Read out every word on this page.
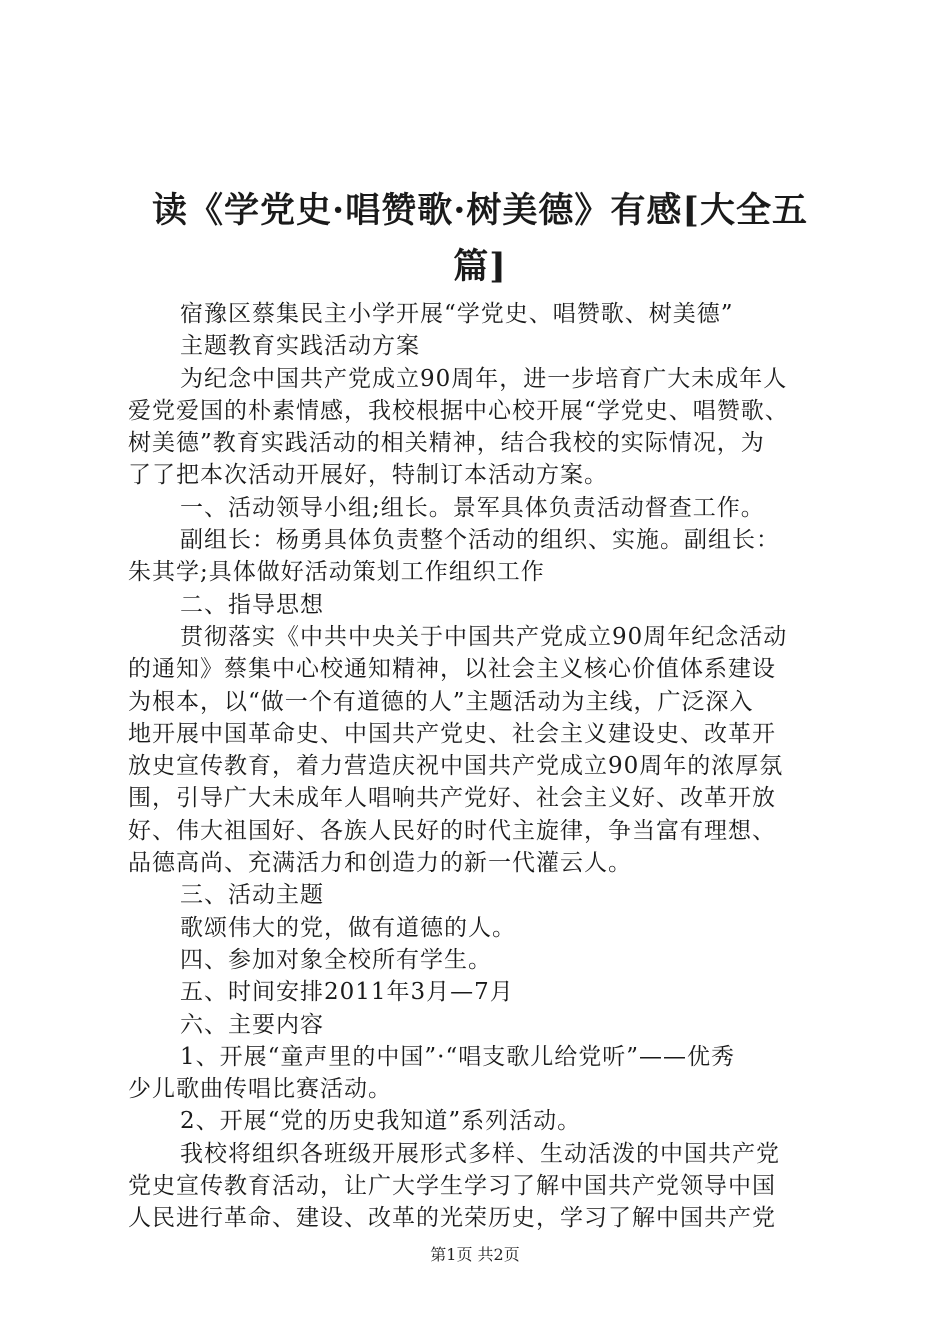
读《学党史·唱赞歌·树美德》有感[大全五
篇]
宿豫区蔡集民主小学开展“学党史、唱赞歌、树美德”
主题教育实践活动方案
为纪念中国共产党成立90周年，进一步培育广大未成年人
爱党爱国的朴素情感，我校根据中心校开展“学党史、唱赞歌、
树美德”教育实践活动的相关精神，结合我校的实际情况，为
了了把本次活动开展好，特制订本活动方案。
一、活动领导小组;组长。景军具体负责活动督查工作。
副组长：杨勇具体负责整个活动的组织、实施。副组长：
朱其学;具体做好活动策划工作组织工作
二、指导思想
贯彻落实《中共中央关于中国共产党成立90周年纪念活动
的通知》蔡集中心校通知精神，以社会主义核心价值体系建设
为根本，以“做一个有道德的人”主题活动为主线，广泛深入
地开展中国革命史、中国共产党史、社会主义建设史、改革开
放史宣传教育，着力营造庆祝中国共产党成立90周年的浓厚氛
围，引导广大未成年人唱响共产党好、社会主义好、改革开放
好、伟大祖国好、各族人民好的时代主旋律，争当富有理想、
品德高尚、充满活力和创造力的新一代灌云人。
三、活动主题
歌颂伟大的党，做有道德的人。
四、参加对象全校所有学生。
五、时间安排2011年3月—7月
六、主要内容
1、开展“童声里的中国”·“唱支歌儿给党听”——优秀
少儿歌曲传唱比赛活动。
2、开展“党的历史我知道”系列活动。
我校将组织各班级开展形式多样、生动活泼的中国共产党
党史宣传教育活动，让广大学生学习了解中国共产党领导中国
人民进行革命、建设、改革的光荣历史，学习了解中国共产党
第1页 共2页
